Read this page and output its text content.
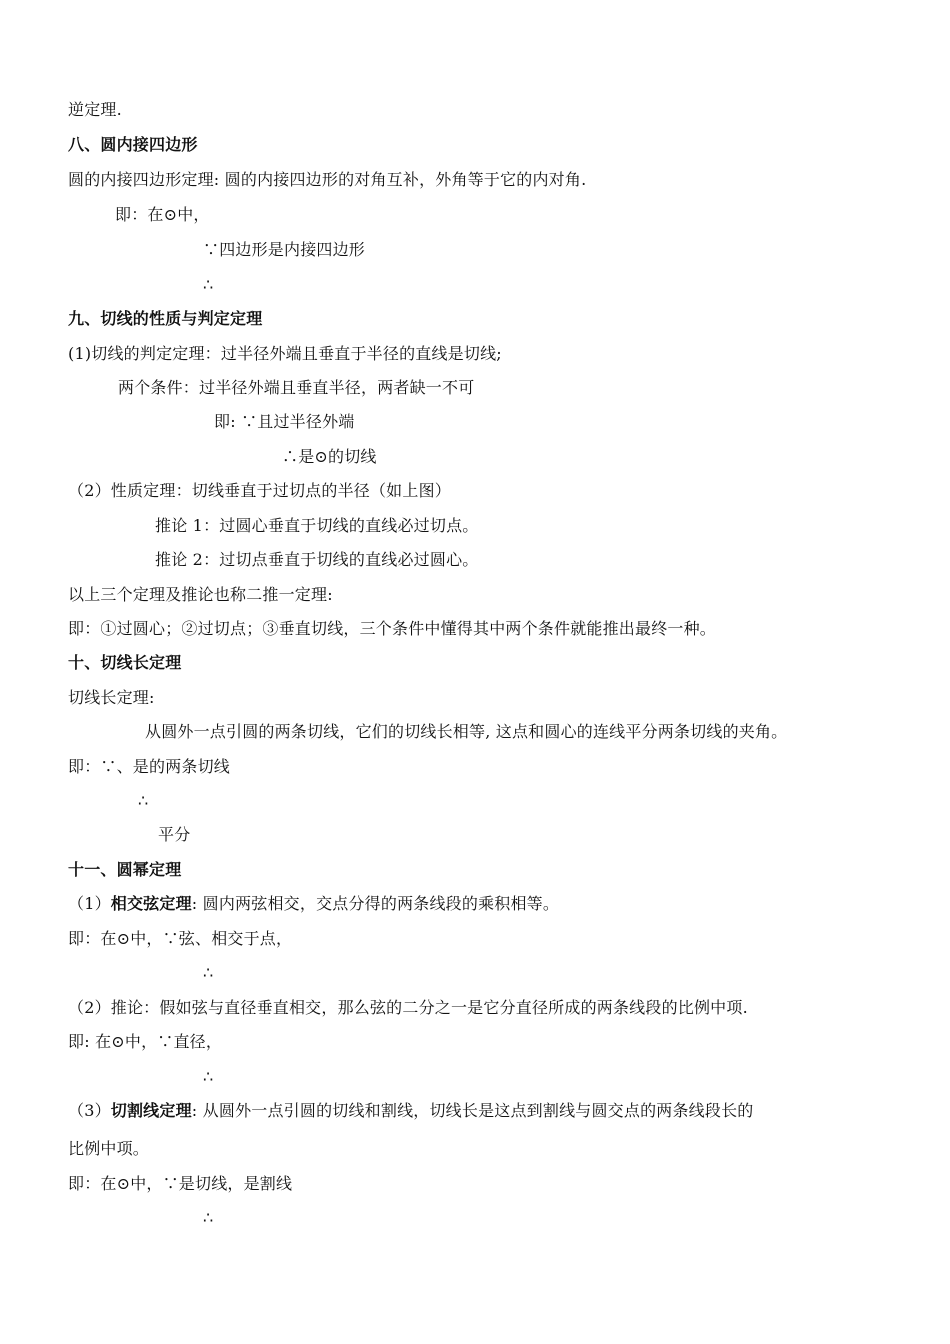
逆定理.
八、圆内接四边形
圆的内接四边形定理: 圆的内接四边形的对角互补，外角等于它的内对角.
即：在⊙中，
∵四边形是内接四边形
∴
九、切线的性质与判定定理
(1)切线的判定定理：过半径外端且垂直于半径的直线是切线;
两个条件：过半径外端且垂直半径，两者缺一不可
即: ∵且过半径外端
∴是⊙的切线
（2）性质定理：切线垂直于过切点的半径（如上图）
推论 1：过圆心垂直于切线的直线必过切点。
推论 2：过切点垂直于切线的直线必过圆心。
以上三个定理及推论也称二推一定理:
即：①过圆心；②过切点；③垂直切线，三个条件中懂得其中两个条件就能推出最终一种。
十、切线长定理
切线长定理:
从圆外一点引圆的两条切线，它们的切线长相等, 这点和圆心的连线平分两条切线的夹角。
即：∵、是的两条切线
∴
平分
十一、圆幂定理
（1）相交弦定理: 圆内两弦相交，交点分得的两条线段的乘积相等。
即：在⊙中，∵弦、相交于点，
∴
（2）推论：假如弦与直径垂直相交，那么弦的二分之一是它分直径所成的两条线段的比例中项.
即: 在⊙中，∵直径，
∴
（3）切割线定理: 从圆外一点引圆的切线和割线，切线长是这点到割线与圆交点的两条线段长的
比例中项。
即：在⊙中，∵是切线，是割线
∴
